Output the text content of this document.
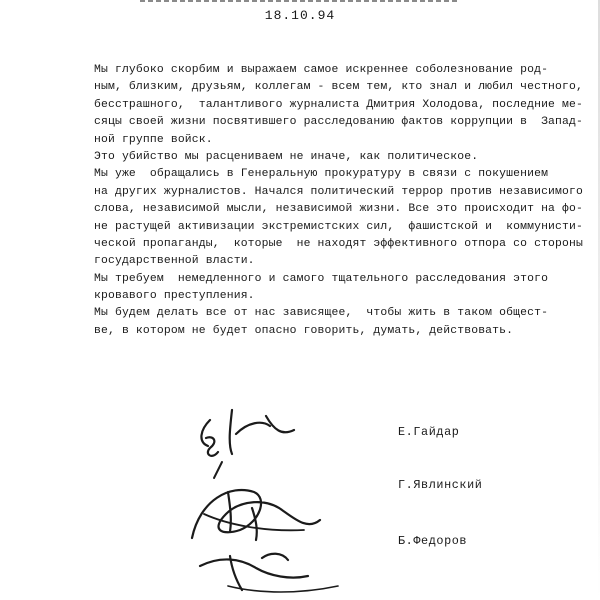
18.10.94
Мы глубоко скорбим и выражаем самое искреннее соболезнование род-
ным, близким, друзьям, коллегам - всем тем, кто знал и любил честного,
бесстрашного,  талантливого журналиста Дмитрия Холодова, последние ме-
сяцы своей жизни посвятившего расследованию фактов коррупции в  Запад-
ной группе войск.
Это убийство мы расцениваем не иначе, как политическое.
Мы уже  обращались в Генеральную прокуратуру в связи с покушением
на других журналистов. Начался политический террор против независимого
слова, независимой мысли, независимой жизни. Все это происходит на фо-
не растущей активизации экстремистских сил,  фашистской и  коммунисти-
ческой пропаганды,  которые  не находят эффективного отпора со стороны
государственной власти.
Мы требуем  немедленного и самого тщательного расследования этого
кровавого преступления.
Мы будем делать все от нас зависящее,  чтобы жить в таком общест-
ве, в котором не будет опасно говорить, думать, действовать.
Е.Гайдар
Г.Явлинский
Б.Федоров
